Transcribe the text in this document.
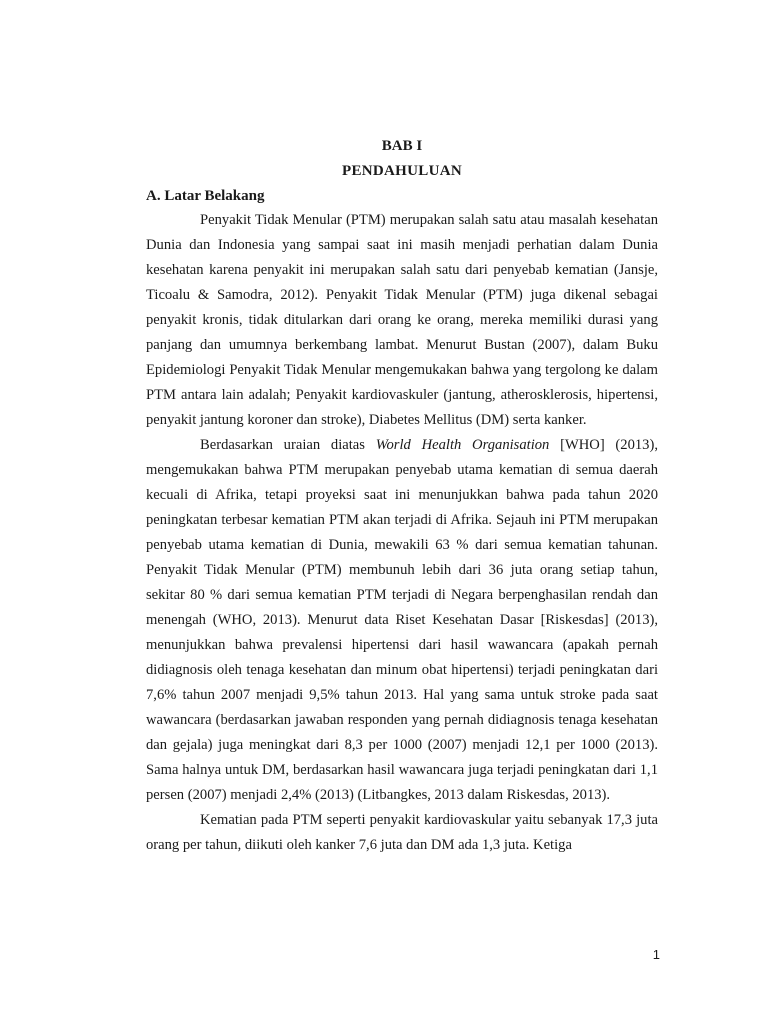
BAB I
PENDAHULUAN
A. Latar Belakang

Penyakit Tidak Menular (PTM) merupakan salah satu atau masalah kesehatan Dunia dan Indonesia yang sampai saat ini masih menjadi perhatian dalam Dunia kesehatan karena penyakit ini merupakan salah satu dari penyebab kematian (Jansje, Ticoalu & Samodra, 2012). Penyakit Tidak Menular (PTM) juga dikenal sebagai penyakit kronis, tidak ditularkan dari orang ke orang, mereka memiliki durasi yang panjang dan umumnya berkembang lambat. Menurut Bustan (2007), dalam Buku Epidemiologi Penyakit Tidak Menular mengemukakan bahwa yang tergolong ke dalam PTM antara lain adalah; Penyakit kardiovaskuler (jantung, atherosklerosis, hipertensi, penyakit jantung koroner dan stroke), Diabetes Mellitus (DM) serta kanker.

Berdasarkan uraian diatas World Health Organisation [WHO] (2013), mengemukakan bahwa PTM merupakan penyebab utama kematian di semua daerah kecuali di Afrika, tetapi proyeksi saat ini menunjukkan bahwa pada tahun 2020 peningkatan terbesar kematian PTM akan terjadi di Afrika. Sejauh ini PTM merupakan penyebab utama kematian di Dunia, mewakili 63 % dari semua kematian tahunan. Penyakit Tidak Menular (PTM) membunuh lebih dari 36 juta orang setiap tahun, sekitar 80 % dari semua kematian PTM terjadi di Negara berpenghasilan rendah dan menengah (WHO, 2013). Menurut data Riset Kesehatan Dasar [Riskesdas] (2013), menunjukkan bahwa prevalensi hipertensi dari hasil wawancara (apakah pernah didiagnosis oleh tenaga kesehatan dan minum obat hipertensi) terjadi peningkatan dari 7,6% tahun 2007 menjadi 9,5% tahun 2013. Hal yang sama untuk stroke pada saat wawancara (berdasarkan jawaban responden yang pernah didiagnosis tenaga kesehatan dan gejala) juga meningkat dari 8,3 per 1000 (2007) menjadi 12,1 per 1000 (2013). Sama halnya untuk DM, berdasarkan hasil wawancara juga terjadi peningkatan dari 1,1 persen (2007) menjadi 2,4% (2013) (Litbangkes, 2013 dalam Riskesdas, 2013).

Kematian pada PTM seperti penyakit kardiovaskular yaitu sebanyak 17,3 juta orang per tahun, diikuti oleh kanker 7,6 juta dan DM ada 1,3 juta. Ketiga

1
